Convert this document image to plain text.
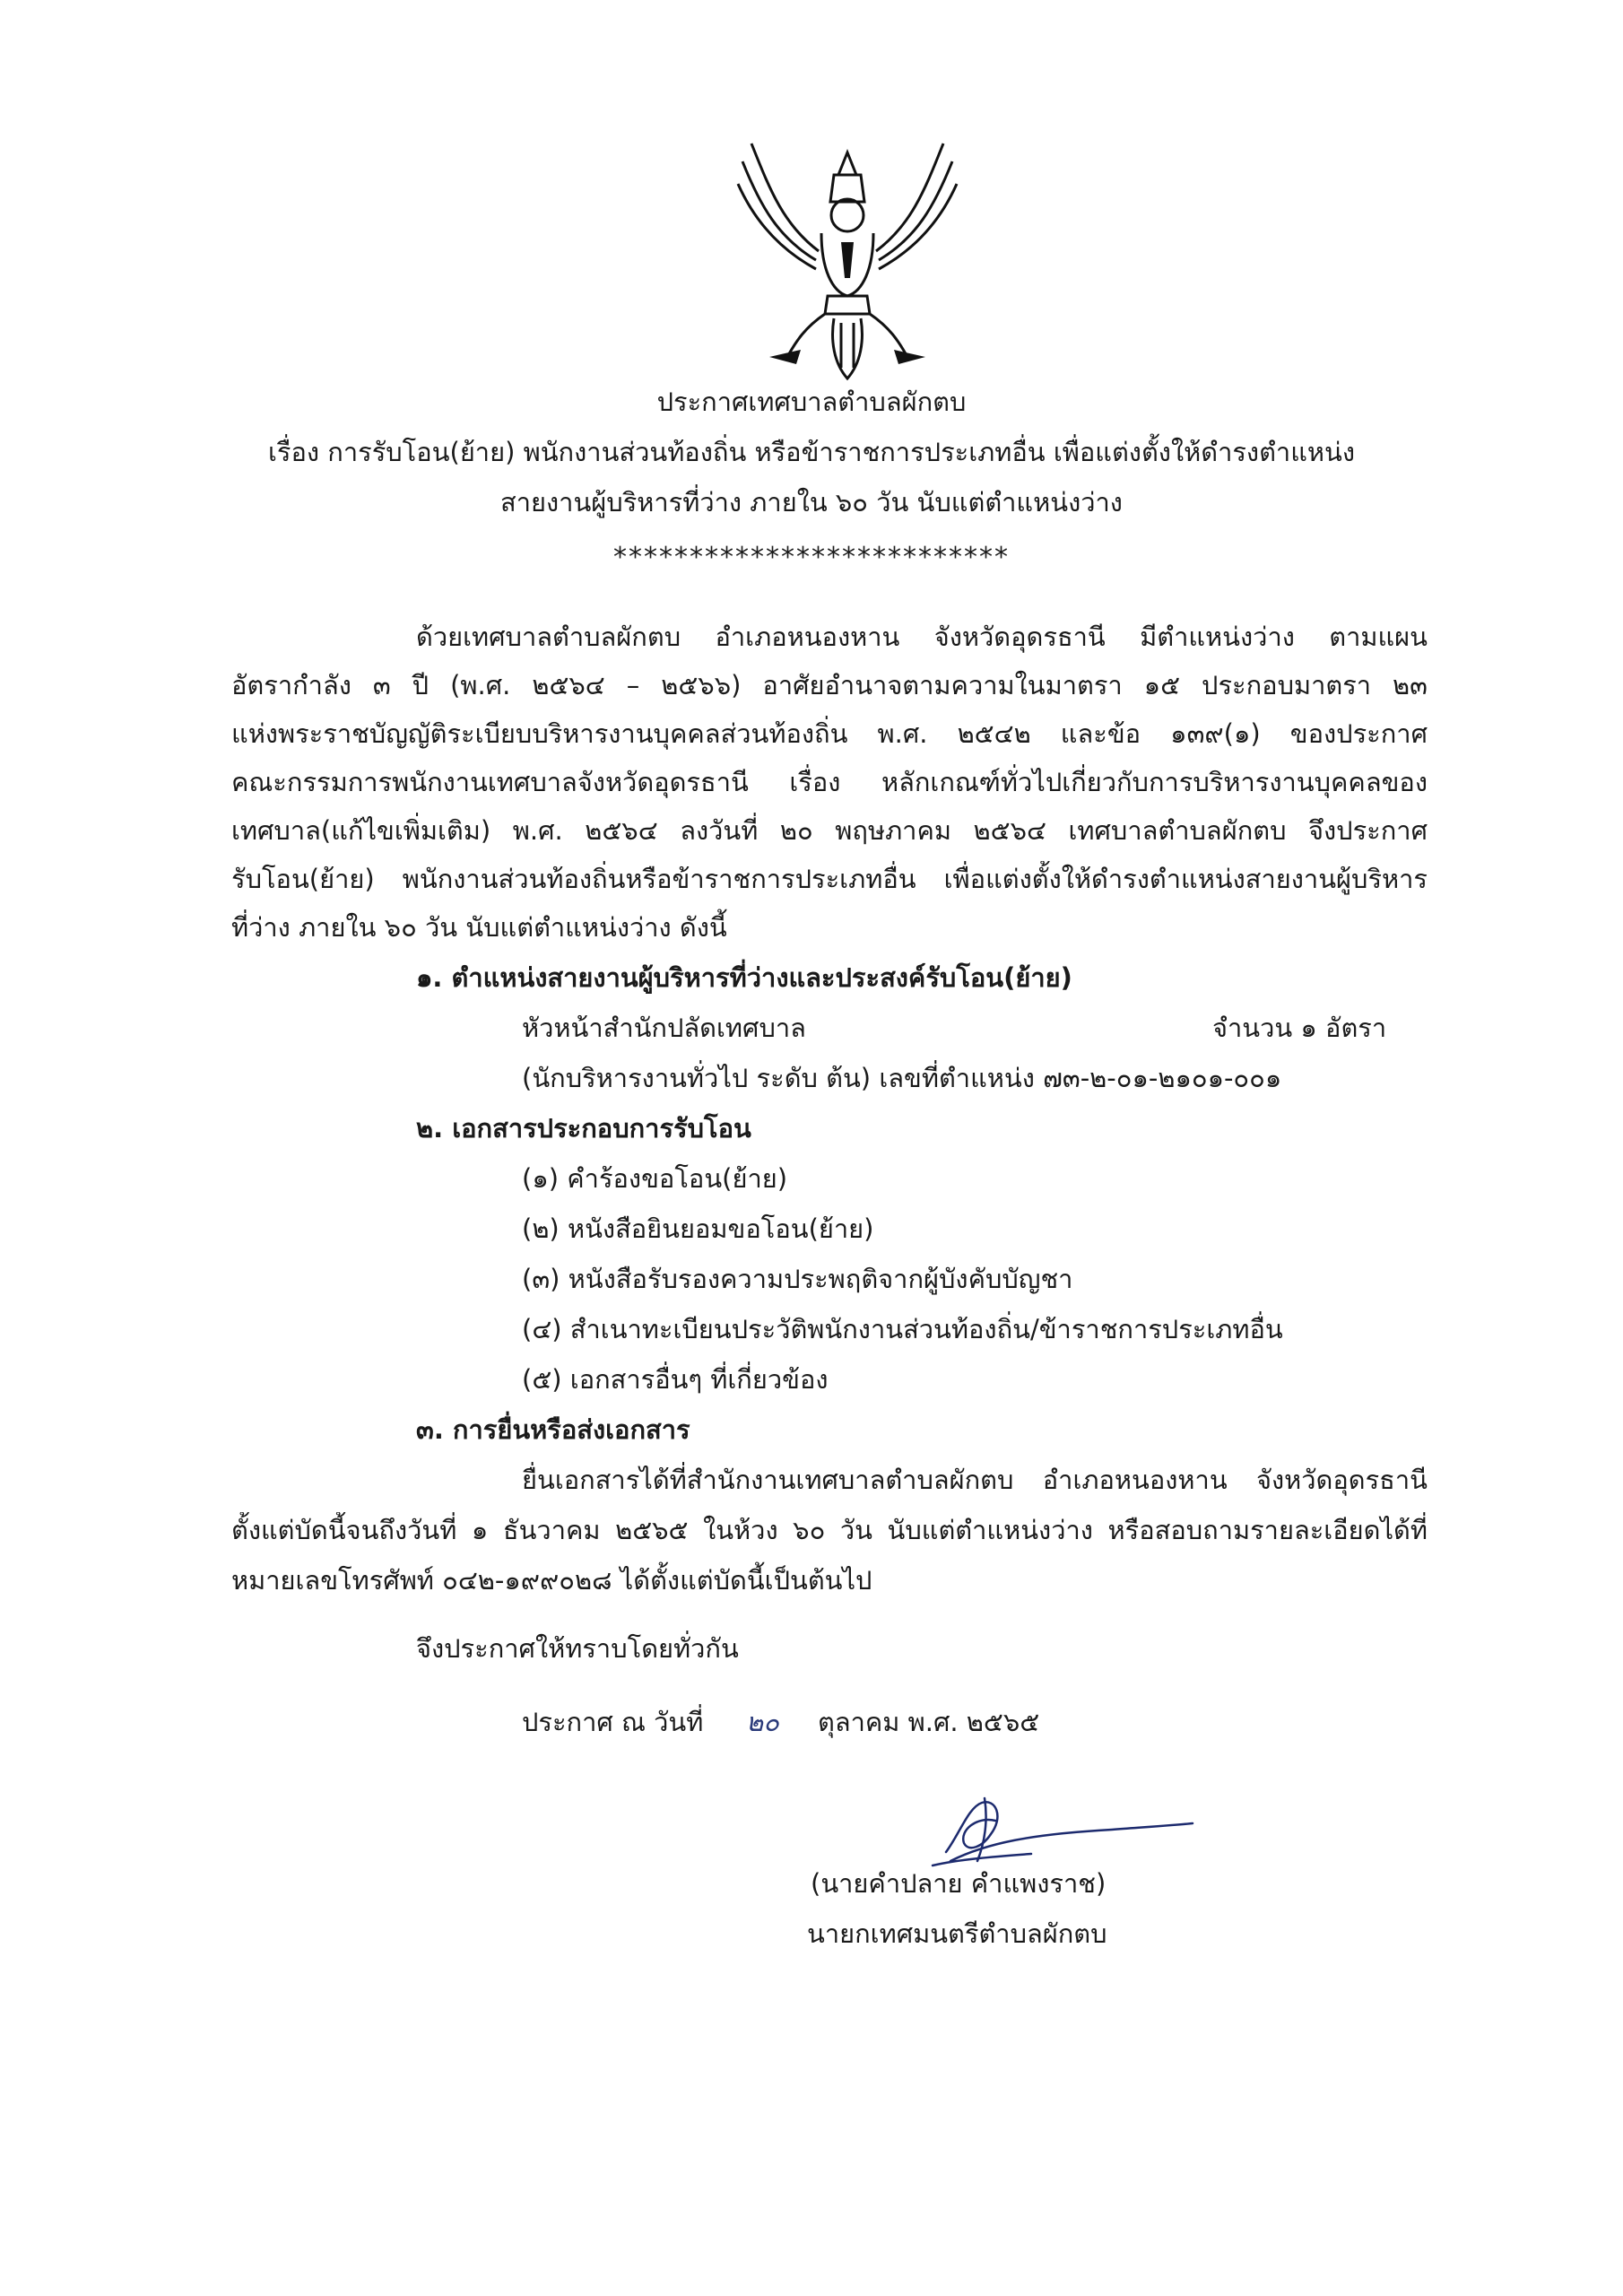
ประกาศเทศบาลตำบลผักตบ
เรื่อง การรับโอน(ย้าย) พนักงานส่วนท้องถิ่น หรือข้าราชการประเภทอื่น เพื่อแต่งตั้งให้ดำรงตำแหน่ง
สายงานผู้บริหารที่ว่าง ภายใน ๖๐ วัน นับแต่ตำแหน่งว่าง
**************************
ด้วยเทศบาลตำบลผักตบ อำเภอหนองหาน จังหวัดอุดรธานี มีตำแหน่งว่าง ตามแผน
อัตรากำลัง ๓ ปี (พ.ศ. ๒๕๖๔ – ๒๕๖๖) อาศัยอำนาจตามความในมาตรา ๑๕ ประกอบมาตรา ๒๓
แห่งพระราชบัญญัติระเบียบบริหารงานบุคคลส่วนท้องถิ่น พ.ศ. ๒๕๔๒ และข้อ ๑๓๙(๑) ของประกาศ
คณะกรรมการพนักงานเทศบาลจังหวัดอุดรธานี เรื่อง หลักเกณฑ์ทั่วไปเกี่ยวกับการบริหารงานบุคคลของ
เทศบาล(แก้ไขเพิ่มเติม) พ.ศ. ๒๕๖๔ ลงวันที่ ๒๐ พฤษภาคม ๒๕๖๔ เทศบาลตำบลผักตบ จึงประกาศ
รับโอน(ย้าย) พนักงานส่วนท้องถิ่นหรือข้าราชการประเภทอื่น เพื่อแต่งตั้งให้ดำรงตำแหน่งสายงานผู้บริหาร
ที่ว่าง ภายใน ๖๐ วัน นับแต่ตำแหน่งว่าง ดังนี้
๑. ตำแหน่งสายงานผู้บริหารที่ว่างและประสงค์รับโอน(ย้าย)
หัวหน้าสำนักปลัดเทศบาล	จำนวน ๑ อัตรา
(นักบริหารงานทั่วไป ระดับ ต้น) เลขที่ตำแหน่ง ๗๓-๒-๐๑-๒๑๐๑-๐๐๑
๒. เอกสารประกอบการรับโอน
(๑) คำร้องขอโอน(ย้าย)
(๒) หนังสือยินยอมขอโอน(ย้าย)
(๓) หนังสือรับรองความประพฤติจากผู้บังคับบัญชา
(๔) สำเนาทะเบียนประวัติพนักงานส่วนท้องถิ่น/ข้าราชการประเภทอื่น
(๕) เอกสารอื่นๆ ที่เกี่ยวข้อง
๓. การยื่นหรือส่งเอกสาร
ยื่นเอกสารได้ที่สำนักงานเทศบาลตำบลผักตบ อำเภอหนองหาน จังหวัดอุดรธานี
ตั้งแต่บัดนี้จนถึงวันที่ ๑ ธันวาคม ๒๕๖๕ ในห้วง ๖๐ วัน นับแต่ตำแหน่งว่าง หรือสอบถามรายละเอียดได้ที่
หมายเลขโทรศัพท์ ๐๔๒-๑๙๙๐๒๘ ได้ตั้งแต่บัดนี้เป็นต้นไป
จึงประกาศให้ทราบโดยทั่วกัน
ประกาศ ณ วันที่ ๒๐ ตุลาคม พ.ศ. ๒๕๖๕
(นายคำปลาย คำแพงราช)
นายกเทศมนตรีตำบลผักตบ
